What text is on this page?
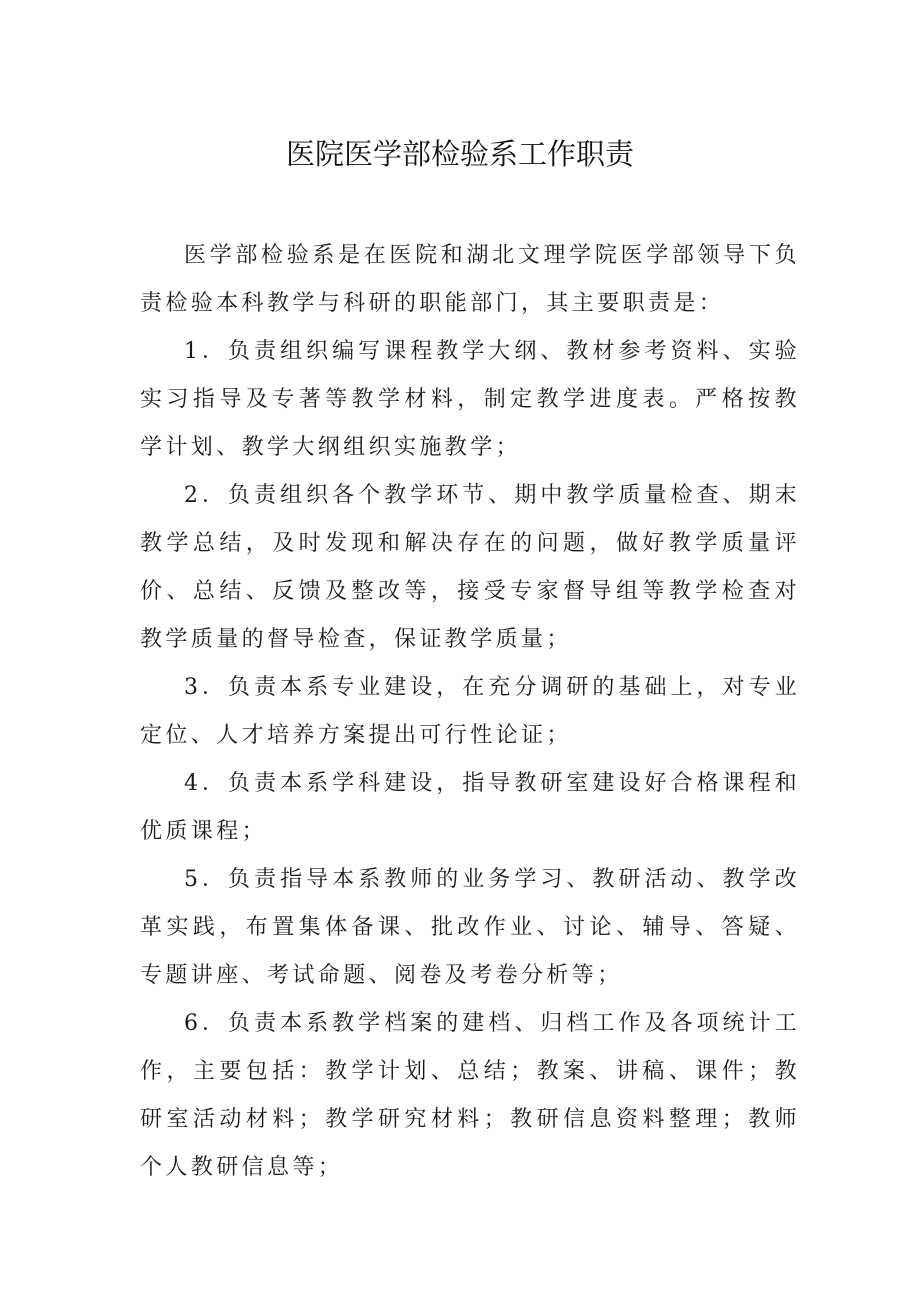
医院医学部检验系工作职责

医学部检验系是在医院和湖北文理学院医学部领导下负责检验本科教学与科研的职能部门，其主要职责是：

1．负责组织编写课程教学大纲、教材参考资料、实验实习指导及专著等教学材料，制定教学进度表。严格按教学计划、教学大纲组织实施教学；

2．负责组织各个教学环节、期中教学质量检查、期末教学总结，及时发现和解决存在的问题，做好教学质量评价、总结、反馈及整改等，接受专家督导组等教学检查对教学质量的督导检查，保证教学质量；

3．负责本系专业建设，在充分调研的基础上，对专业定位、人才培养方案提出可行性论证；

4．负责本系学科建设，指导教研室建设好合格课程和优质课程；

5．负责指导本系教师的业务学习、教研活动、教学改革实践，布置集体备课、批改作业、讨论、辅导、答疑、专题讲座、考试命题、阅卷及考卷分析等；

6．负责本系教学档案的建档、归档工作及各项统计工作，主要包括：教学计划、总结；教案、讲稿、课件；教研室活动材料；教学研究材料；教研信息资料整理；教师个人教研信息等；
